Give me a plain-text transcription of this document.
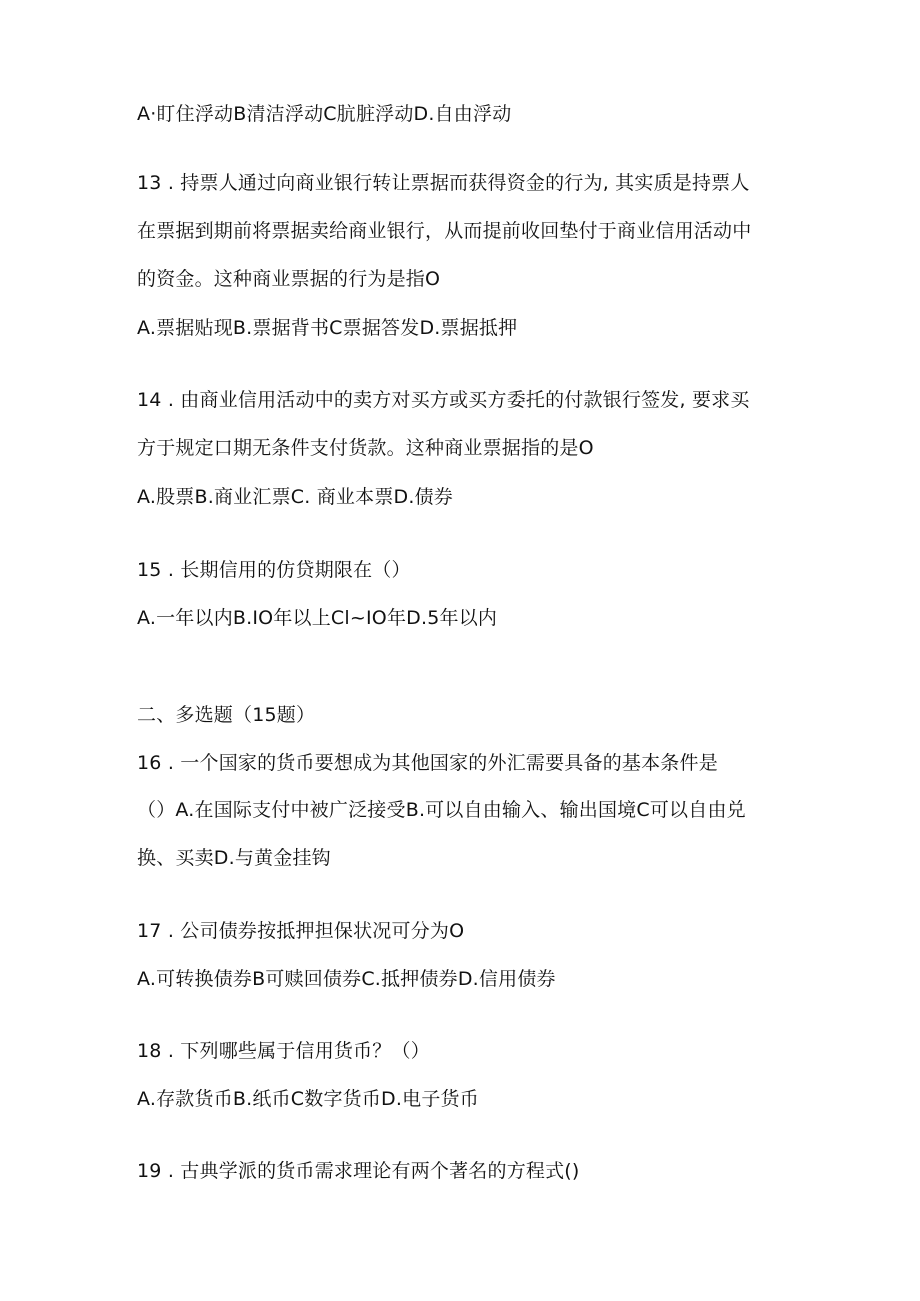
A·盯住浮动B清洁浮动C肮脏浮动D.自由浮动
13 . 持票人通过向商业银行转让票据而获得资金的行为, 其实质是持票人
在票据到期前将票据卖给商业银行，从而提前收回垫付于商业信用活动中
的资金。这种商业票据的行为是指O
A.票据贴现B.票据背书C票据答发D.票据抵押
14 . 由商业信用活动中的卖方对买方或买方委托的付款银行签发, 要求买
方于规定口期无条件支付货款。这种商业票据指的是O
A.股票B.商业汇票C. 商业本票D.债券
15 . 长期信用的仿贷期限在（）
A.一年以内B.IO年以上Cl~IO年D.5年以内
二、多选题（15题）
16 . 一个国家的货币要想成为其他国家的外汇需要具备的基本条件是
（）A.在国际支付中被广泛接受B.可以自由输入、输出国境C可以自由兑
换、买卖D.与黄金挂钩
17 . 公司债券按抵押担保状况可分为O
A.可转换债券B可赎回债券C.抵押债券D.信用债券
18 . 下列哪些属于信用货币？（）
A.存款货币B.纸币C数字货币D.电子货币
19 . 古典学派的货币需求理论有两个著名的方程式()
